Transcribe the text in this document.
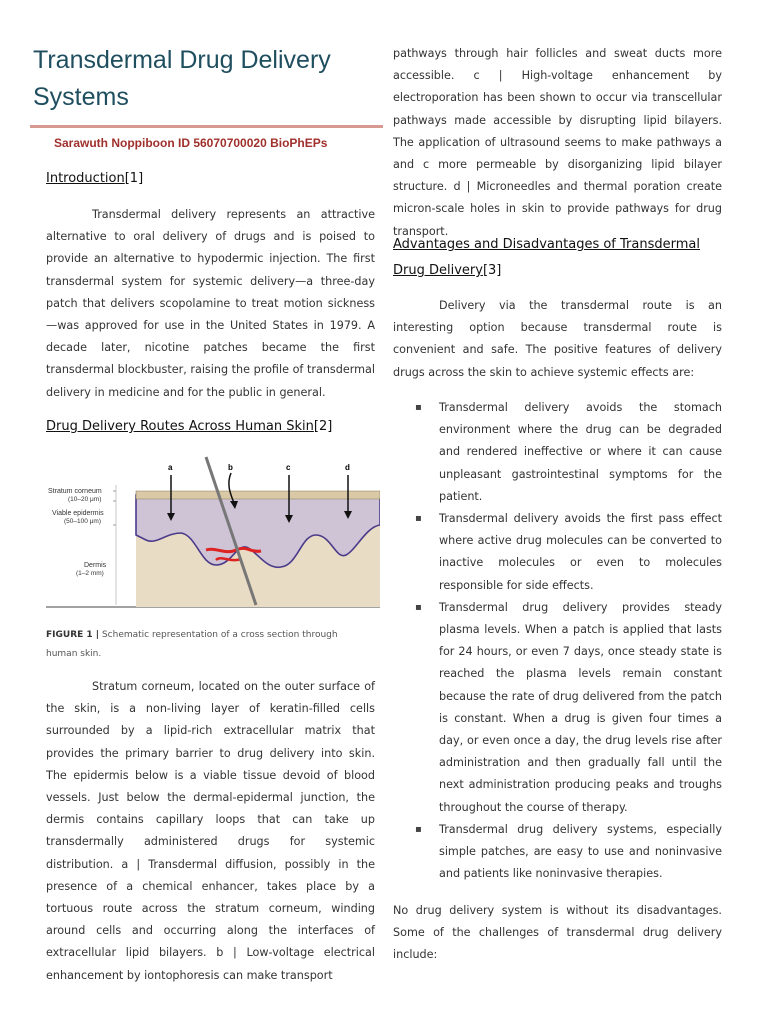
Transdermal Drug Delivery Systems
Sarawuth Noppiboon ID 56070700020 BioPhEPs
Introduction[1]

Transdermal delivery represents an attractive alternative to oral delivery of drugs and is poised to provide an alternative to hypodermic injection. The first transdermal system for systemic delivery—a three-day patch that delivers scopolamine to treat motion sickness—was approved for use in the United States in 1979. A decade later, nicotine patches became the first transdermal blockbuster, raising the profile of transdermal delivery in medicine and for the public in general.

Drug Delivery Routes Across Human Skin[2]
a	b	c	d
Stratum corneum
(10–20 μm)
Viable epidermis
(50–100 μm)
Dermis
(1–2 mm)
FIGURE 1 | Schematic representation of a cross section through human skin.

Stratum corneum, located on the outer surface of the skin, is a non-living layer of keratin-filled cells surrounded by a lipid-rich extracellular matrix that provides the primary barrier to drug delivery into skin. The epidermis below is a viable tissue devoid of blood vessels. Just below the dermal-epidermal junction, the dermis contains capillary loops that can take up transdermally administered drugs for systemic distribution. a | Transdermal diffusion, possibly in the presence of a chemical enhancer, takes place by a tortuous route across the stratum corneum, winding around cells and occurring along the interfaces of extracellular lipid bilayers. b | Low-voltage electrical enhancement by iontophoresis can make transport

pathways through hair follicles and sweat ducts more accessible. c | High-voltage enhancement by electroporation has been shown to occur via transcellular pathways made accessible by disrupting lipid bilayers. The application of ultrasound seems to make pathways a and c more permeable by disorganizing lipid bilayer structure. d | Microneedles and thermal poration create micron-scale holes in skin to provide pathways for drug transport.

Advantages and Disadvantages of Transdermal Drug Delivery[3]

Delivery via the transdermal route is an interesting option because transdermal route is convenient and safe. The positive features of delivery drugs across the skin to achieve systemic effects are:

▪ Transdermal delivery avoids the stomach environment where the drug can be degraded and rendered ineffective or where it can cause unpleasant gastrointestinal symptoms for the patient.
▪ Transdermal delivery avoids the first pass effect where active drug molecules can be converted to inactive molecules or even to molecules responsible for side effects.
▪ Transdermal drug delivery provides steady plasma levels. When a patch is applied that lasts for 24 hours, or even 7 days, once steady state is reached the plasma levels remain constant because the rate of drug delivered from the patch is constant. When a drug is given four times a day, or even once a day, the drug levels rise after administration and then gradually fall until the next administration producing peaks and troughs throughout the course of therapy.
▪ Transdermal drug delivery systems, especially simple patches, are easy to use and noninvasive and patients like noninvasive therapies.

No drug delivery system is without its disadvantages. Some of the challenges of transdermal drug delivery include:
